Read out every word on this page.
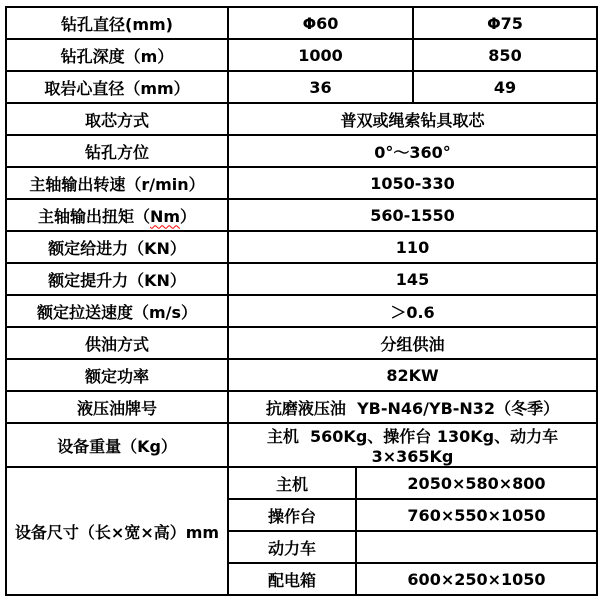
钻孔直径(mm)	Φ60		Φ75
钻孔深度（m）	1000		850
取岩心直径（mm）	36		49
取芯方式	普双或绳索钻具取芯		
钻孔方位	0°～360°		
主轴输出转速（r/min）	1050-330		
主轴输出扭矩（Nm）	560-1550		
额定给进力（KN）	110		
额定提升力（KN）	145		
额定拉送速度（m/s）	＞0.6		
供油方式	分组供油		
额定功率	82KW		
液压油牌号	抗磨液压油  YB-N46/YB-N32（冬季）		
设备重量（Kg）	主机  560Kg、操作台 130Kg、动力车 3×365Kg		
设备尺寸（长×宽×高）mm	主机	2050×580×800	
	操作台	760×550×1050	
	动力车		
	配电箱	600×250×1050	
